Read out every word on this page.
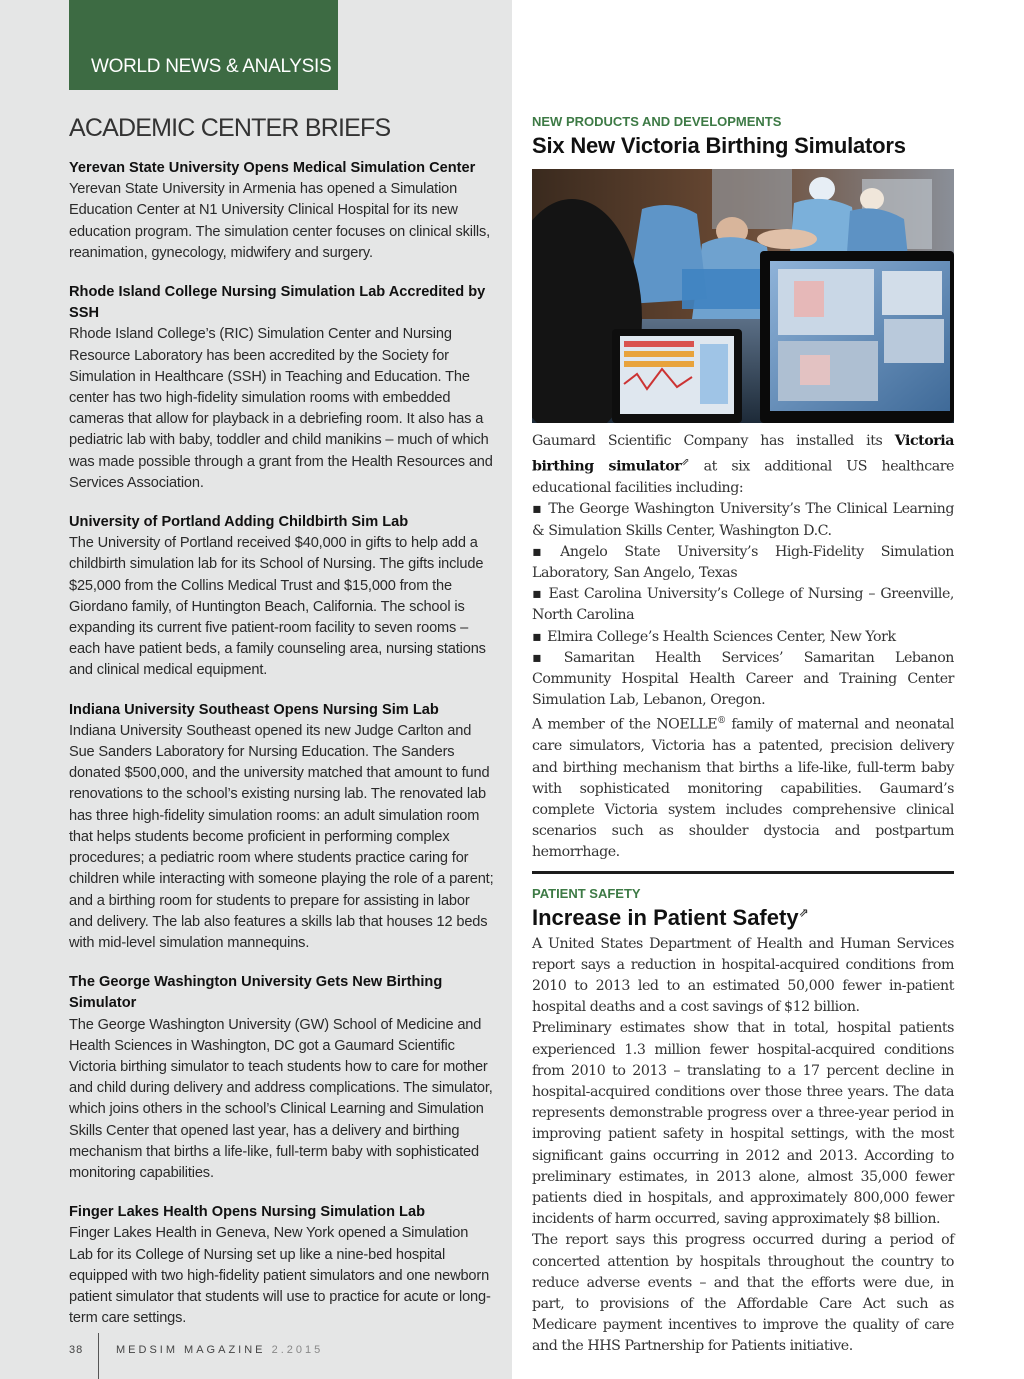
WORLD NEWS & ANALYSIS
ACADEMIC CENTER BRIEFS
Yerevan State University Opens Medical Simulation Center

Yerevan State University in Armenia has opened a Simulation Education Center at N1 University Clinical Hospital for its new education program. The simulation center focuses on clinical skills, reanimation, gynecology, midwifery and surgery.

Rhode Island College Nursing Simulation Lab Accredited by SSH

Rhode Island College’s (RIC) Simulation Center and Nursing Resource Laboratory has been accredited by the Society for Simulation in Healthcare (SSH) in Teaching and Education. The center has two high-fidelity simulation rooms with embedded cameras that allow for playback in a debriefing room. It also has a pediatric lab with baby, toddler and child manikins – much of which was made possible through a grant from the Health Resources and Services Association.

University of Portland Adding Childbirth Sim Lab

The University of Portland received $40,000 in gifts to help add a childbirth simulation lab for its School of Nursing. The gifts include $25,000 from the Collins Medical Trust and $15,000 from the Giordano family, of Huntington Beach, California. The school is expanding its current five patient-room facility to seven rooms – each have patient beds, a family counseling area, nursing stations and clinical medical equipment.

Indiana University Southeast Opens Nursing Sim Lab

Indiana University Southeast opened its new Judge Carlton and Sue Sanders Laboratory for Nursing Education. The Sanders donated $500,000, and the university matched that amount to fund renovations to the school’s existing nursing lab. The renovated lab has three high-fidelity simulation rooms: an adult simulation room that helps students become proficient in performing complex procedures; a pediatric room where students practice caring for children while interacting with someone playing the role of a parent; and a birthing room for students to prepare for assisting in labor and delivery. The lab also features a skills lab that houses 12 beds with mid-level simulation mannequins.

The George Washington University Gets New Birthing Simulator

The George Washington University (GW) School of Medicine and Health Sciences in Washington, DC got a Gaumard Scientific Victoria birthing simulator to teach students how to care for mother and child during delivery and address complications. The simulator, which joins others in the school’s Clinical Learning and Simulation Skills Center that opened last year, has a delivery and birthing mechanism that births a life-like, full-term baby with sophisticated monitoring capabilities.

Finger Lakes Health Opens Nursing Simulation Lab

Finger Lakes Health in Geneva, New York opened a Simulation Lab for its College of Nursing set up like a nine-bed hospital equipped with two high-fidelity patient simulators and one newborn patient simulator that students will use to practice for acute or long-term care settings.

38	MEDSIM MAGAZINE 2.2015
NEW PRODUCTS AND DEVELOPMENTS
Six New Victoria Birthing Simulators

Gaumard Scientific Company has installed its Victoria birthing simulator⇗ at six additional US healthcare educational facilities including:

▪ The George Washington University’s The Clinical Learning & Simulation Skills Center, Washington D.C.
▪ Angelo State University’s High-Fidelity Simulation Laboratory, San Angelo, Texas
▪ East Carolina University’s College of Nursing – Greenville, North Carolina
▪ Elmira College’s Health Sciences Center, New York
▪ Samaritan Health Services’ Samaritan Lebanon Community Hospital Health Career and Training Center Simulation Lab, Lebanon, Oregon.

A member of the NOELLE® family of maternal and neonatal care simulators, Victoria has a patented, precision delivery and birthing mechanism that births a life-like, full-term baby with sophisticated monitoring capabilities. Gaumard’s complete Victoria system includes comprehensive clinical scenarios such as shoulder dystocia and postpartum hemorrhage.

PATIENT SAFETY
Increase in Patient Safety⇗

A United States Department of Health and Human Services report says a reduction in hospital-acquired conditions from 2010 to 2013 led to an estimated 50,000 fewer in-patient hospital deaths and a cost savings of $12 billion.

Preliminary estimates show that in total, hospital patients experienced 1.3 million fewer hospital-acquired conditions from 2010 to 2013 – translating to a 17 percent decline in hospital-acquired conditions over those three years. The data represents demonstrable progress over a three-year period in improving patient safety in hospital settings, with the most significant gains occurring in 2012 and 2013. According to preliminary estimates, in 2013 alone, almost 35,000 fewer patients died in hospitals, and approximately 800,000 fewer incidents of harm occurred, saving approximately $8 billion.

The report says this progress occurred during a period of concerted attention by hospitals throughout the country to reduce adverse events – and that the efforts were due, in part, to provisions of the Affordable Care Act such as Medicare payment incentives to improve the quality of care and the HHS Partnership for Patients initiative.
